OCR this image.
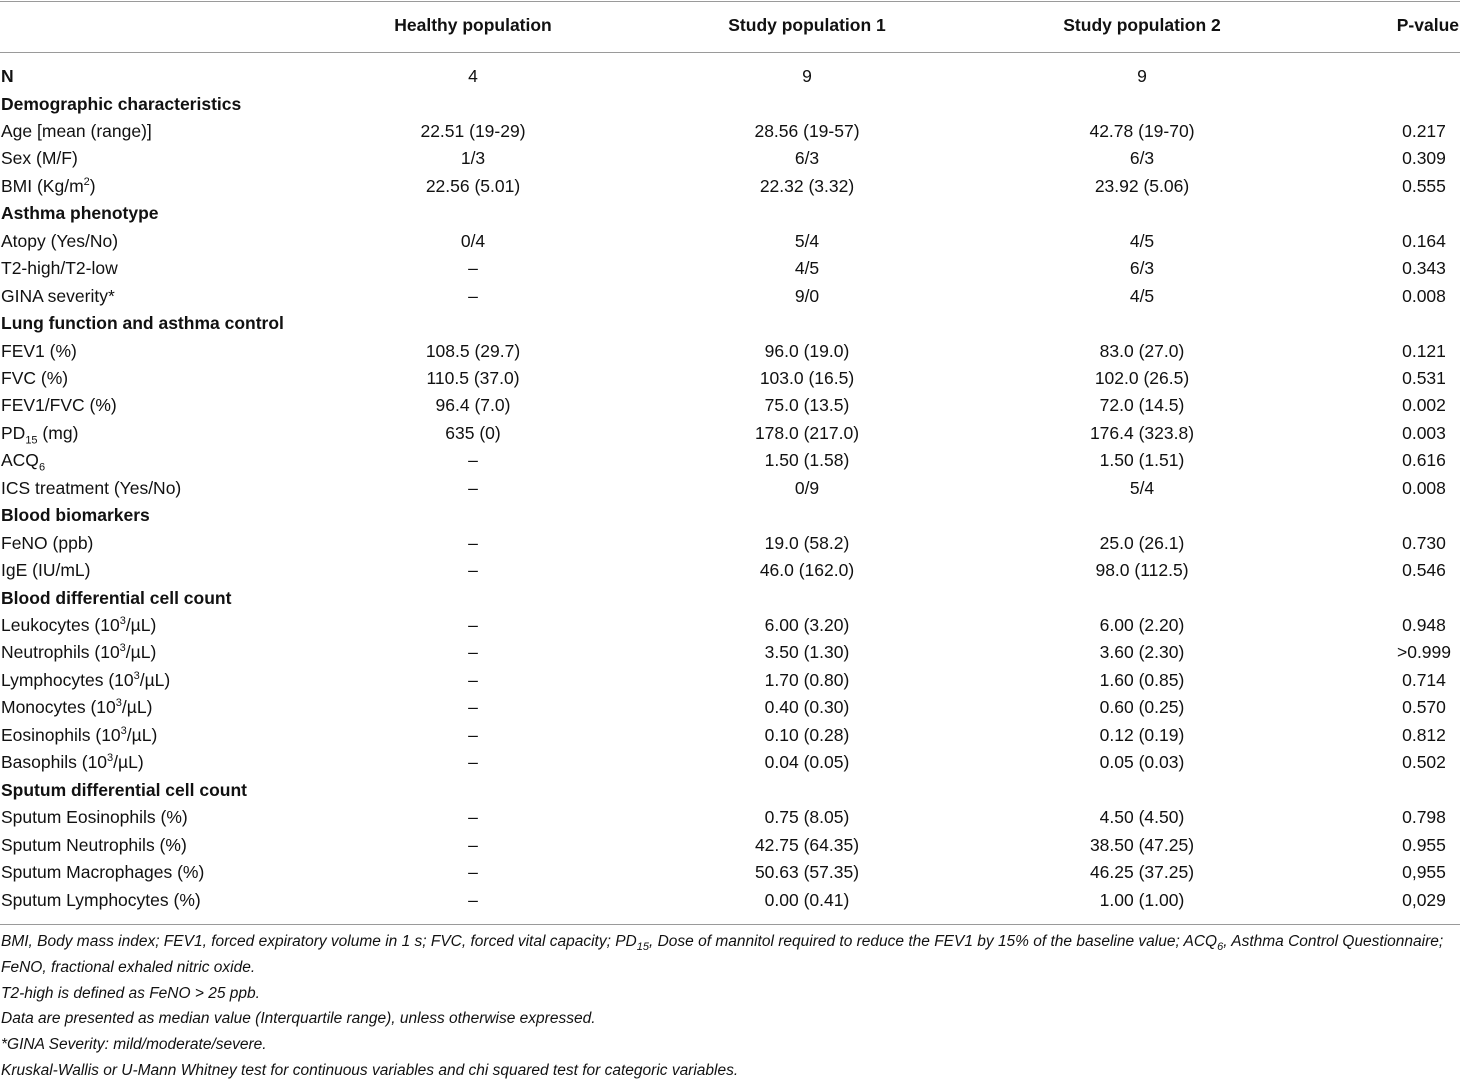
Healthy population	Study population 1	Study population 2	P-value
N	4	9	9
Demographic characteristics
Age [mean (range)]	22.51 (19-29)	28.56 (19-57)	42.78 (19-70)	0.217
Sex (M/F)	1/3	6/3	6/3	0.309
BMI $(Kg/m^2)$	22.56 (5.01)	22.32 (3.32)	23.92 (5.06)	0.555
Asthma phenotype
Atopy (Yes/No)	0/4	5/4	4/5	0.164
T2-high/T2-low	–	4/5	6/3	0.343
GINA severity*	–	9/0	4/5	0.008
Lung function and asthma control
FEV1 (%)	108.5 (29.7)	96.0 (19.0)	83.0 (27.0)	0.121
FVC (%)	110.5 (37.0)	103.0 (16.5)	102.0 (26.5)	0.531
FEV1/FVC (%)	96.4 (7.0)	75.0 (13.5)	72.0 (14.5)	0.002
$PD_{15}$ (mg)	635 (0)	178.0 (217.0)	176.4 (323.8)	0.003
$ACQ_6$	–	1.50 (1.58)	1.50 (1.51)	0.616
ICS treatment (Yes/No)	–	0/9	5/4	0.008
Blood biomarkers
FeNO (ppb)	–	19.0 (58.2)	25.0 (26.1)	0.730
IgE (IU/mL)	–	46.0 (162.0)	98.0 (112.5)	0.546
Blood differential cell count
Leukocytes $(10^3/\mu L)$	–	6.00 (3.20)	6.00 (2.20)	0.948
Neutrophils $(10^3/\mu L)$	–	3.50 (1.30)	3.60 (2.30)	>0.999
Lymphocytes $(10^3/\mu L)$	–	1.70 (0.80)	1.60 (0.85)	0.714
Monocytes $(10^3/\mu L)$	–	0.40 (0.30)	0.60 (0.25)	0.570
Eosinophils $(10^3/\mu L)$	–	0.10 (0.28)	0.12 (0.19)	0.812
Basophils $(10^3/\mu L)$	–	0.04 (0.05)	0.05 (0.03)	0.502
Sputum differential cell count
Sputum Eosinophils (%)	–	0.75 (8.05)	4.50 (4.50)	0.798
Sputum Neutrophils (%)	–	42.75 (64.35)	38.50 (47.25)	0.955
Sputum Macrophages (%)	–	50.63 (57.35)	46.25 (37.25)	0,955
Sputum Lymphocytes (%)	–	0.00 (0.41)	1.00 (1.00)	0,029

BMI, Body mass index; FEV1, forced expiratory volume in 1 s; FVC, forced vital capacity; $PD_{15}$, Dose of mannitol required to reduce the FEV1 by 15% of the baseline value; $ACQ_6$, Asthma Control Questionnaire; FeNO, fractional exhaled nitric oxide.

T2-high is defined as FeNO > 25 ppb.

Data are presented as median value (Interquartile range), unless otherwise expressed.

*GINA Severity: mild/moderate/severe.

Kruskal-Wallis or U-Mann Whitney test for continuous variables and chi squared test for categoric variables.
